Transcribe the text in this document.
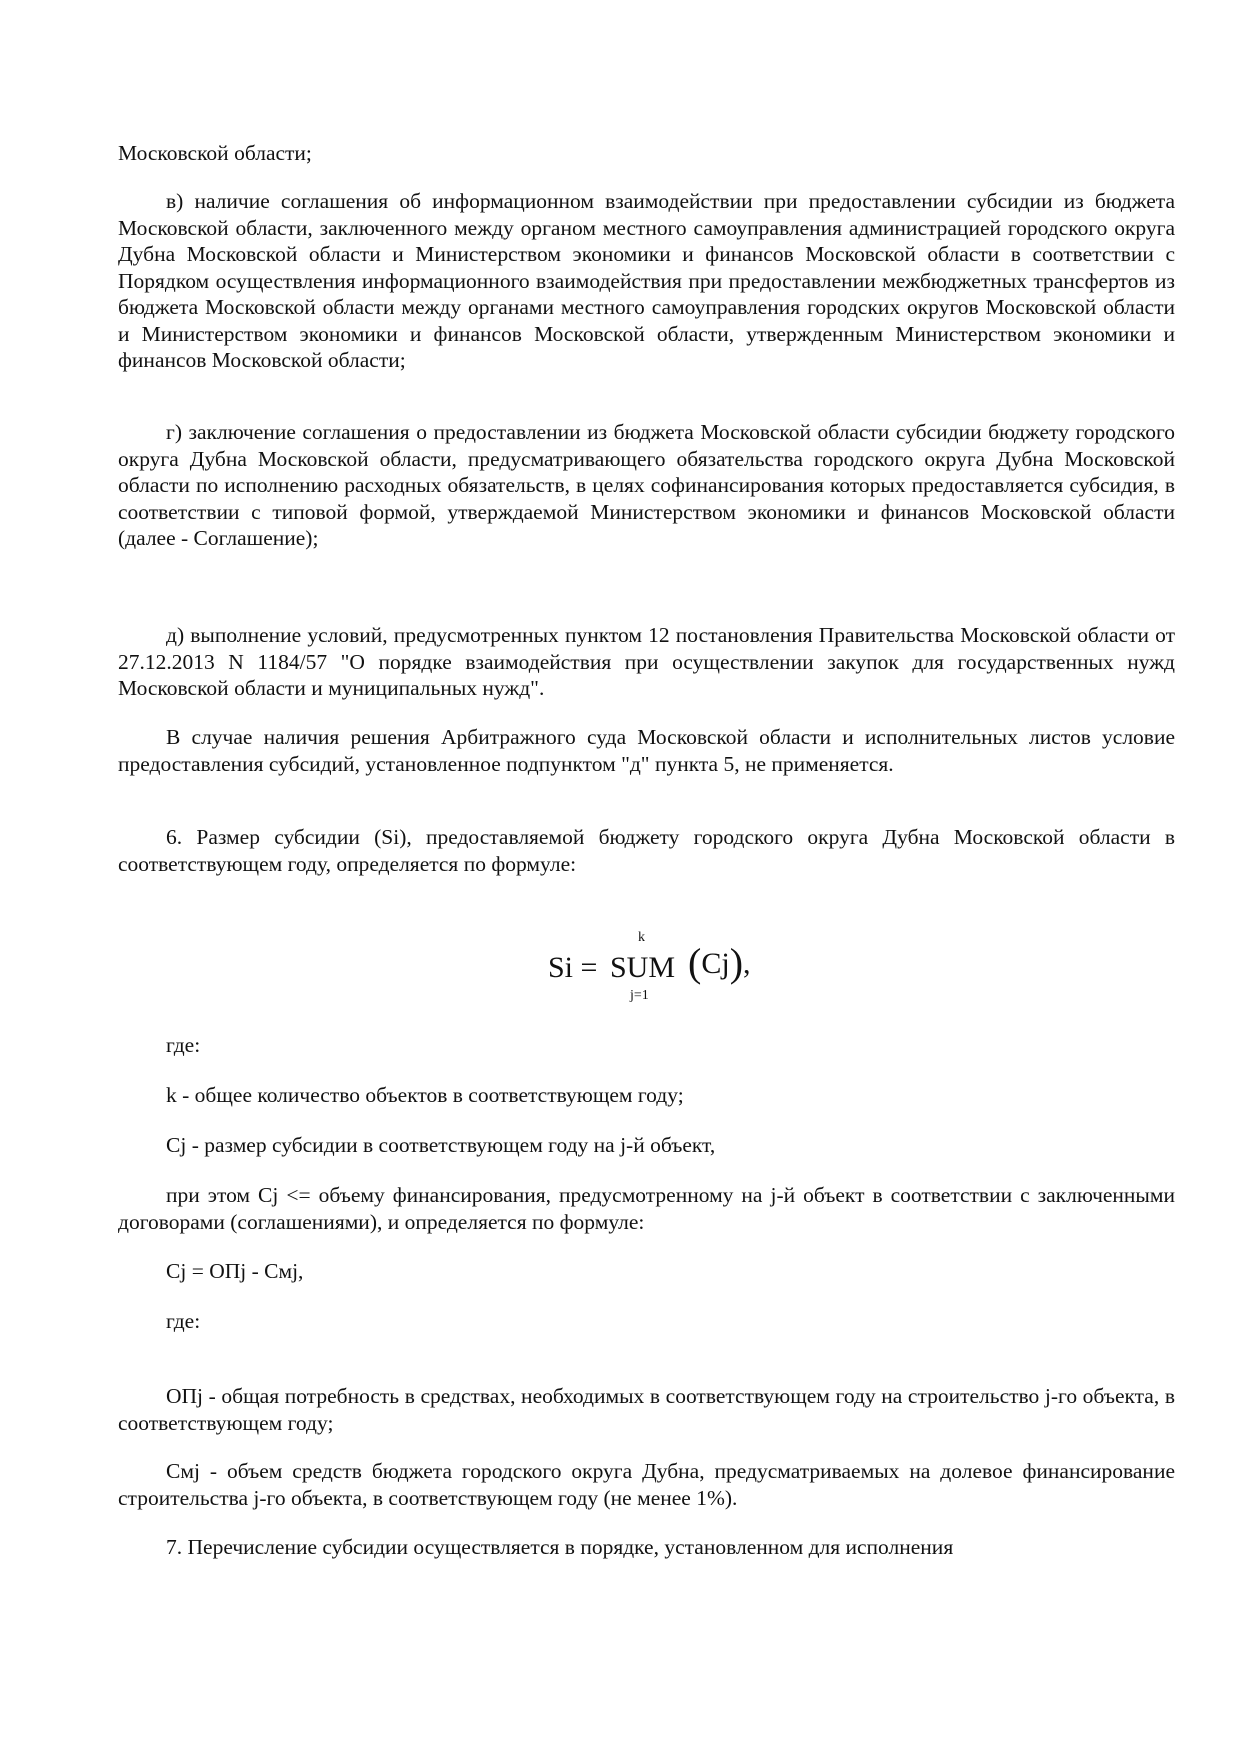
Московской области;

в) наличие соглашения об информационном взаимодействии при предоставлении субсидии из бюджета Московской области, заключенного между органом местного самоуправления администрацией городского округа Дубна Московской области и Министерством экономики и финансов Московской области в соответствии с Порядком осуществления информационного взаимодействия при предоставлении межбюджетных трансфертов из бюджета Московской области между органами местного самоуправления городских округов Московской области и Министерством экономики и финансов Московской области, утвержденным Министерством экономики и финансов Московской области;

г) заключение соглашения о предоставлении из бюджета Московской области субсидии бюджету городского округа Дубна Московской области, предусматривающего обязательства городского округа Дубна Московской области по исполнению расходных обязательств, в целях софинансирования которых предоставляется субсидия, в соответствии с типовой формой, утверждаемой Министерством экономики и финансов Московской области (далее - Соглашение);

д) выполнение условий, предусмотренных пунктом 12 постановления Правительства Московской области от 27.12.2013 N 1184/57 "О порядке взаимодействия при осуществлении закупок для государственных нужд Московской области и муниципальных нужд".

В случае наличия решения Арбитражного суда Московской области и исполнительных листов условие предоставления субсидий, установленное подпунктом "д" пункта 5, не применяется.

6. Размер субсидии (Si), предоставляемой бюджету городского округа Дубна Московской области в соответствующем году, определяется по формуле:

Si =
k
SUM
j=1
(Cj),

где:

k - общее количество объектов в соответствующем году;

Cj - размер субсидии в соответствующем году на j-й объект,

при этом Cj <= объему финансирования, предусмотренному на j-й объект в соответствии с заключенными договорами (соглашениями), и определяется по формуле:

Cj = ОПj - Cмj,

где:

ОПj - общая потребность в средствах, необходимых в соответствующем году на строительство j-го объекта, в соответствующем году;

Cмj - объем средств бюджета городского округа Дубна, предусматриваемых на долевое финансирование строительства j-го объекта, в соответствующем году (не менее 1%).

7. Перечисление субсидии осуществляется в порядке, установленном для исполнения
